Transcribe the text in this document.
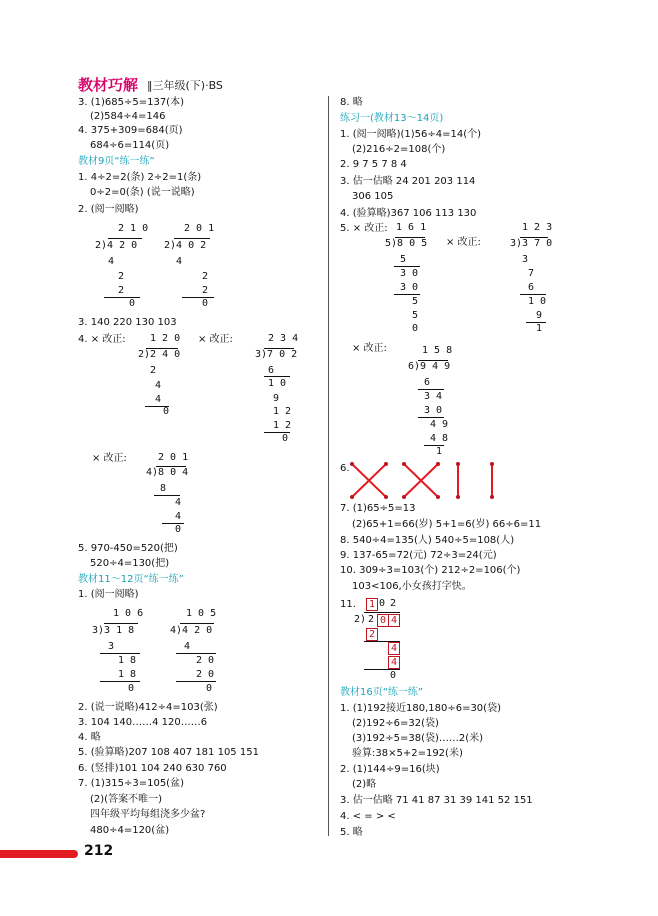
教材巧解 ‖三年级(下)·BS
3. (1)685÷5=137(本)
(2)584÷4=146
4. 375+309=684(页)
684÷6=114(页)
教材9页“练一练”
1. 4÷2=2(条) 2÷2=1(条)
0÷2=0(条) (说一说略)
2. (阅一阅略)
2 1 0
2)4 2 0
4
2
2
0
2 0 1
2)4 0 2
4
2
2
0
3. 140 220 130 103
4. × 改正: 1 2 0
2)2 4 0
2
4
4
0
× 改正:	2 3 4
3)7 0 2
6
1 0
9
1 2
1 2
0
× 改正:	2 0 1
4)8 0 4
8
4
4
0
5. 970-450=520(把)
520÷4=130(把)
教材11～12页“练一练”
1. (阅一阅略)
1 0 6
3)3 1 8
3
1 8
1 8
0
1 0 5
4)4 2 0
4
2 0
2 0
0
2. (说一说略)412÷4=103(张)
3. 104 140……4 120……6
4. 略
5. (验算略)207 108 407 181 105 151
6. (竖排)101 104 240 630 760
7. (1)315÷3=105(盆)
(2)(答案不唯一)
四年级平均每组浇多少盆?
480÷4=120(盆)
8. 略
练习一(教材13～14页)
1. (阅一阅略)(1)56÷4=14(个)
(2)216÷2=108(个)
2. 9 7 5 7 8 4
3. 估一估略 24 201 203 114
306 105
4. (验算略)367 106 113 130
5. × 改正: 1 6 1
5)8 0 5
5
3 0
3 0
5
5
0
× 改正:
1 2 3
3)3 7 0
3
7
6
1 0
9
1
× 改正:	1 5 8
6)9 4 9
6
3 4
3 0
4 9
4 8
1
6.
7. (1)65÷5=13
(2)65+1=66(岁) 5+1=6(岁) 66÷6=11
8. 540÷4=135(人) 540÷5=108(人)
9. 137-65=72(元) 72÷3=24(元)
10. 309÷3=103(个) 212÷2=106(个)
103<106,小女孩打字快。
11.	1 0 2
2) 2 0 4
2
4
4
0
教材16页“练一练”
1. (1)192接近180,180÷6=30(袋)
(2)192÷6=32(袋)
(3)192÷5=38(袋)……2(米)
验算:38×5+2=192(米)
2. (1)144÷9=16(块)
(2)略
3. 估一估略 71 41 87 31 39 141 52 151
4. < = > <
5. 略
212
